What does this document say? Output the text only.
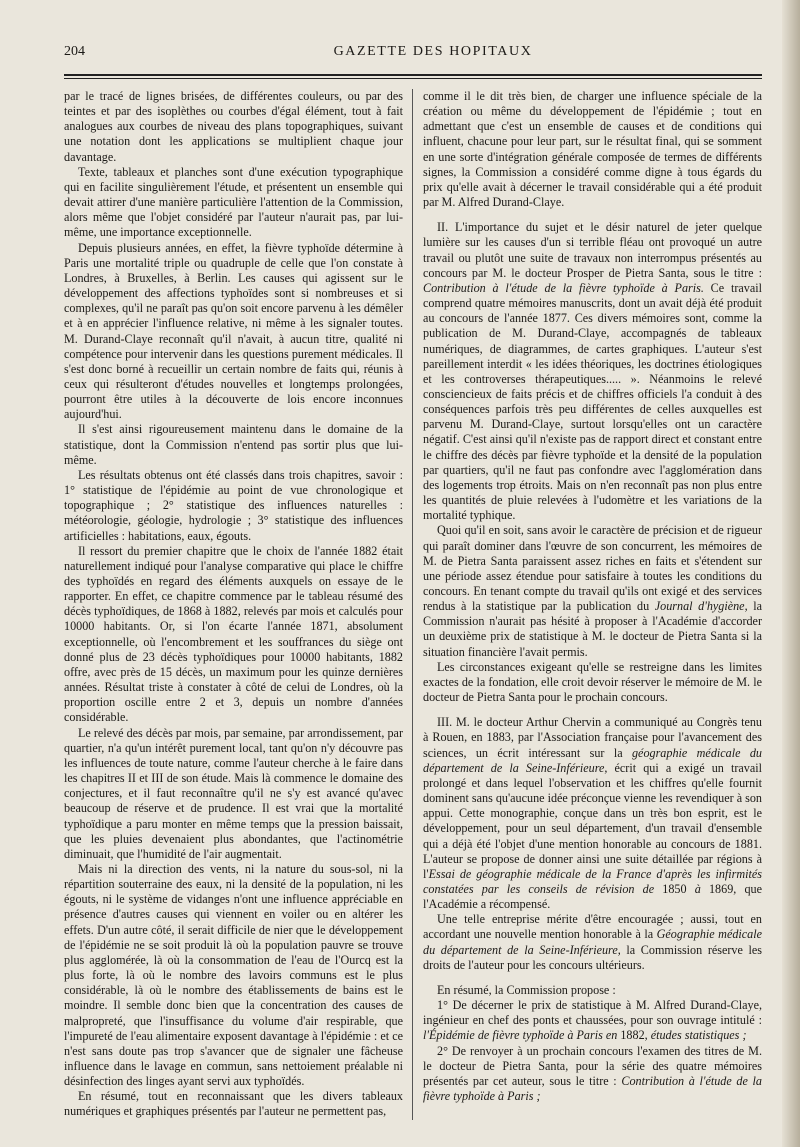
204	GAZETTE DES HOPITAUX

par le tracé de lignes brisées, de différentes couleurs, ou par des teintes et par des isoplèthes ou courbes d'égal élément, tout à fait analogues aux courbes de niveau des plans topographiques, suivant une notation dont les applications se multiplient chaque jour davantage.

Texte, tableaux et planches sont d'une exécution typographique qui en facilite singulièrement l'étude, et présentent un ensemble qui devait attirer d'une manière particulière l'attention de la Commission, alors même que l'objet considéré par l'auteur n'aurait pas, par lui-même, une importance exceptionnelle.

Depuis plusieurs années, en effet, la fièvre typhoïde détermine à Paris une mortalité triple ou quadruple de celle que l'on constate à Londres, à Bruxelles, à Berlin. Les causes qui agissent sur le développement des affections typhoïdes sont si nombreuses et si complexes, qu'il ne paraît pas qu'on soit encore parvenu à les démêler et à en apprécier l'influence relative, ni même à les signaler toutes. M. Durand-Claye reconnaît qu'il n'avait, à aucun titre, qualité ni compétence pour intervenir dans les questions purement médicales. Il s'est donc borné à recueillir un certain nombre de faits qui, réunis à ceux qui résulteront d'études nouvelles et longtemps prolongées, pourront être utiles à la découverte de lois encore inconnues aujourd'hui.

Il s'est ainsi rigoureusement maintenu dans le domaine de la statistique, dont la Commission n'entend pas sortir plus que lui-même.

Les résultats obtenus ont été classés dans trois chapitres, savoir : 1° statistique de l'épidémie au point de vue chronologique et topographique ; 2° statistique des influences naturelles : météorologie, géologie, hydrologie ; 3° statistique des influences artificielles : habitations, eaux, égouts.

Il ressort du premier chapitre que le choix de l'année 1882 était naturellement indiqué pour l'analyse comparative qui place le chiffre des typhoïdés en regard des éléments auxquels on essaye de le rapporter. En effet, ce chapitre commence par le tableau résumé des décès typhoïdiques, de 1868 à 1882, relevés par mois et calculés pour 10000 habitants. Or, si l'on écarte l'année 1871, absolument exceptionnelle, où l'encombrement et les souffrances du siège ont donné plus de 23 décès typhoïdiques pour 10000 habitants, 1882 offre, avec près de 15 décès, un maximum pour les quinze dernières années. Résultat triste à constater à côté de celui de Londres, où la proportion oscille entre 2 et 3, depuis un nombre d'années considérable.

Le relevé des décès par mois, par semaine, par arrondissement, par quartier, n'a qu'un intérêt purement local, tant qu'on n'y découvre pas les influences de toute nature, comme l'auteur cherche à le faire dans les chapitres II et III de son étude. Mais là commence le domaine des conjectures, et il faut reconnaître qu'il ne s'y est avancé qu'avec beaucoup de réserve et de prudence. Il est vrai que la mortalité typhoïdique a paru monter en même temps que la pression baissait, que les pluies devenaient plus abondantes, que l'actinométrie diminuait, que l'humidité de l'air augmentait.

Mais ni la direction des vents, ni la nature du sous-sol, ni la répartition souterraine des eaux, ni la densité de la population, ni les égouts, ni le système de vidanges n'ont une influence appréciable en présence d'autres causes qui viennent en voiler ou en altérer les effets. D'un autre côté, il serait difficile de nier que le développement de l'épidémie ne se soit produit là où la population pauvre se trouve plus agglomérée, là où la consommation de l'eau de l'Ourcq est la plus forte, là où le nombre des lavoirs communs est le plus considérable, là où le nombre des établissements de bains est le moindre. Il semble donc bien que la concentration des causes de malpropreté, que l'insuffisance du volume d'air respirable, que l'impureté de l'eau alimentaire exposent davantage à l'épidémie : et ce n'est sans doute pas trop s'avancer que de signaler une fâcheuse influence dans le lavage en commun, sans nettoiement préalable ni désinfection des linges ayant servi aux typhoïdés.

En résumé, tout en reconnaissant que les divers tableaux numériques et graphiques présentés par l'auteur ne permettent pas,

comme il le dit très bien, de charger une influence spéciale de la création ou même du développement de l'épidémie ; tout en admettant que c'est un ensemble de causes et de conditions qui influent, chacune pour leur part, sur le résultat final, qui se somment en une sorte d'intégration générale composée de termes de différents signes, la Commission a considéré comme digne à tous égards du prix qu'elle avait à décerner le travail considérable qui a été produit par M. Alfred Durand-Claye.

II. L'importance du sujet et le désir naturel de jeter quelque lumière sur les causes d'un si terrible fléau ont provoqué un autre travail ou plutôt une suite de travaux non interrompus présentés au concours par M. le docteur Prosper de Pietra Santa, sous le titre : Contribution à l'étude de la fièvre typhoïde à Paris. Ce travail comprend quatre mémoires manuscrits, dont un avait déjà été produit au concours de l'année 1877. Ces divers mémoires sont, comme la publication de M. Durand-Claye, accompagnés de tableaux numériques, de diagrammes, de cartes graphiques. L'auteur s'est pareillement interdit « les idées théoriques, les doctrines étiologiques et les controverses thérapeutiques..... ». Néanmoins le relevé consciencieux de faits précis et de chiffres officiels l'a conduit à des conséquences parfois très peu différentes de celles auxquelles est parvenu M. Durand-Claye, surtout lorsqu'elles ont un caractère négatif. C'est ainsi qu'il n'existe pas de rapport direct et constant entre le chiffre des décès par fièvre typhoïde et la densité de la population par quartiers, qu'il ne faut pas confondre avec l'agglomération dans des logements trop étroits. Mais on n'en reconnaît pas non plus entre les quantités de pluie relevées à l'udomètre et les variations de la mortalité typhique.

Quoi qu'il en soit, sans avoir le caractère de précision et de rigueur qui paraît dominer dans l'œuvre de son concurrent, les mémoires de M. de Pietra Santa paraissent assez riches en faits et s'étendent sur une période assez étendue pour satisfaire à toutes les conditions du concours. En tenant compte du travail qu'ils ont exigé et des services rendus à la statistique par la publication du Journal d'hygiène, la Commission n'aurait pas hésité à proposer à l'Académie d'accorder un deuxième prix de statistique à M. le docteur de Pietra Santa si la situation financière l'avait permis.

Les circonstances exigeant qu'elle se restreigne dans les limites exactes de la fondation, elle croit devoir réserver le mémoire de M. le docteur de Pietra Santa pour le prochain concours.

III. M. le docteur Arthur Chervin a communiqué au Congrès tenu à Rouen, en 1883, par l'Association française pour l'avancement des sciences, un écrit intéressant sur la géographie médicale du département de la Seine-Inférieure, écrit qui a exigé un travail prolongé et dans lequel l'observation et les chiffres qu'elle fournit dominent sans qu'aucune idée préconçue vienne les revendiquer à son appui. Cette monographie, conçue dans un très bon esprit, est le développement, pour un seul département, d'un travail d'ensemble qui a déjà été l'objet d'une mention honorable au concours de 1881. L'auteur se propose de donner ainsi une suite détaillée par régions à l'Essai de géographie médicale de la France d'après les infirmités constatées par les conseils de révision de 1850 à 1869, que l'Académie a récompensé.

Une telle entreprise mérite d'être encouragée ; aussi, tout en accordant une nouvelle mention honorable à la Géographie médicale du département de la Seine-Inférieure, la Commission réserve les droits de l'auteur pour les concours ultérieurs.

En résumé, la Commission propose :

1° De décerner le prix de statistique à M. Alfred Durand-Claye, ingénieur en chef des ponts et chaussées, pour son ouvrage intitulé : l'Épidémie de fièvre typhoïde à Paris en 1882, études statistiques ;

2° De renvoyer à un prochain concours l'examen des titres de M. le docteur de Pietra Santa, pour la série des quatre mémoires présentés par cet auteur, sous le titre : Contribution à l'étude de la fièvre typhoïde à Paris ;
